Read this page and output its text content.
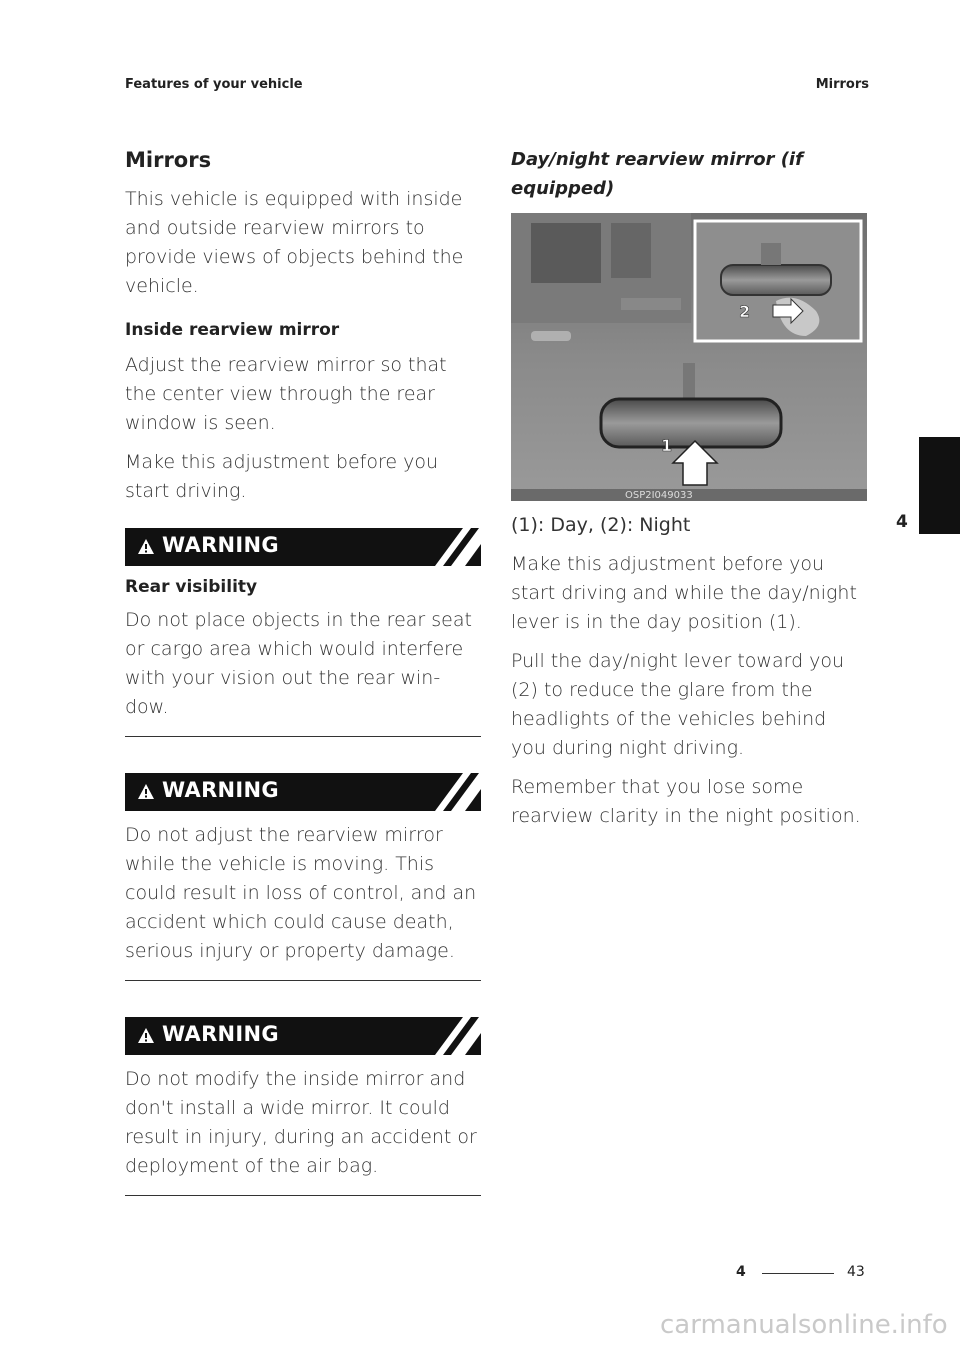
Features of your vehicle	Mirrors
Mirrors

This vehicle is equipped with inside and outside rearview mirrors to provide views of objects behind the vehicle.

Inside rearview mirror

Adjust the rearview mirror so that the center view through the rear window is seen.

Make this adjustment before you start driving.

WARNING
Rear visibility

Do not place objects in the rear seat or cargo area which would interfere with your vision out the rear win‑ dow.

WARNING

Do not adjust the rearview mirror while the vehicle is moving. This could result in loss of control, and an accident which could cause death, serious injury or property damage.

WARNING

Do not modify the inside mirror and don't install a wide mirror. It could result in injury, during an accident or deployment of the air bag.

Day/night rearview mirror (if equipped)
2
1
OSP2I049033
(1): Day, (2): Night

Make this adjustment before you start driving and while the day/night lever is in the day position (1).

Pull the day/night lever toward you (2) to reduce the glare from the headlights of the vehicles behind you during night driving.

Remember that you lose some rearview clarity in the night position.

4
4	43
carmanualsonline.info
